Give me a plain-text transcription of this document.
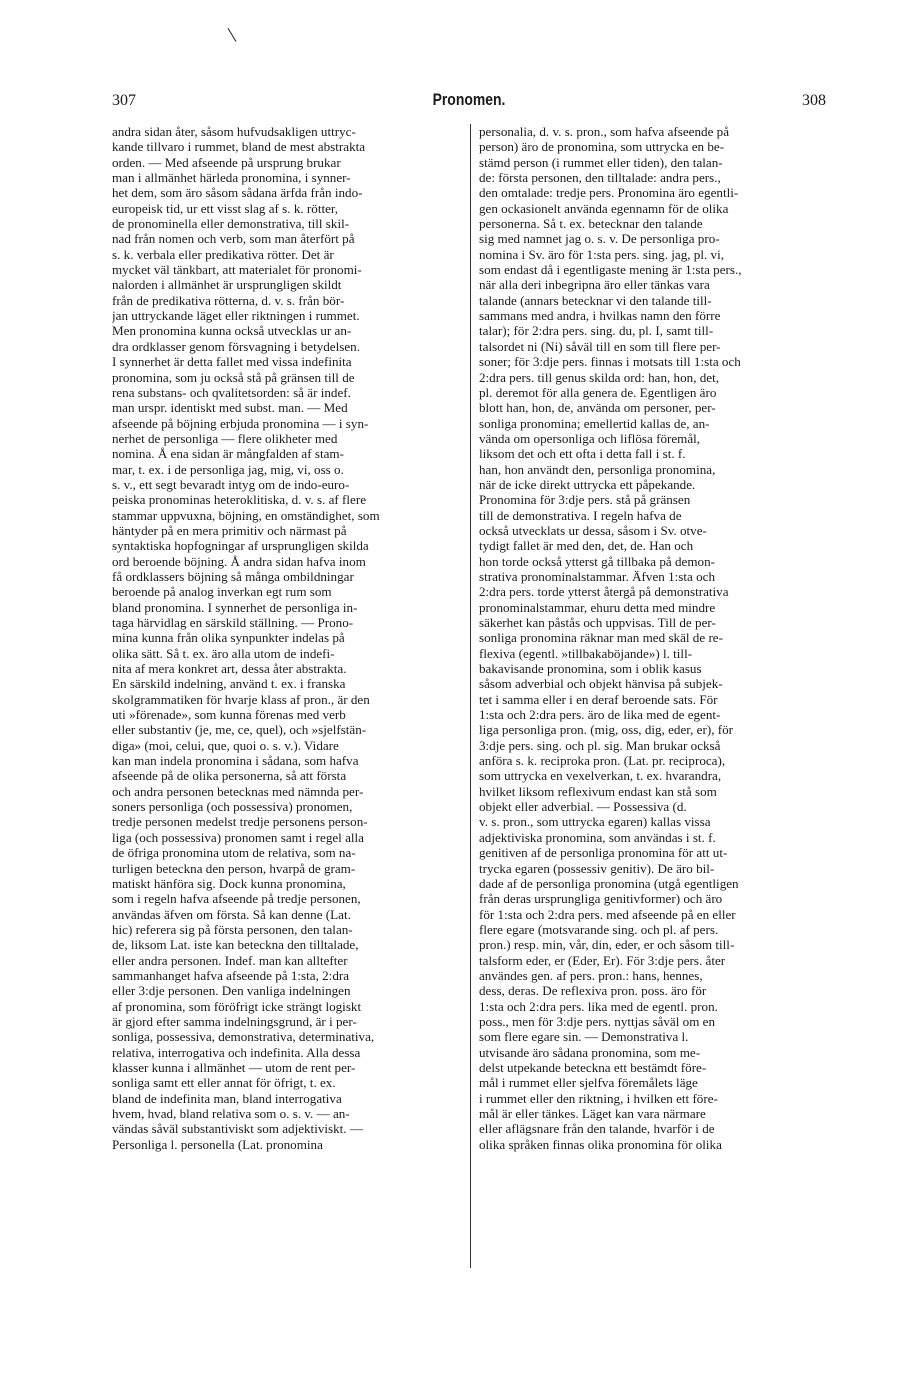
\
307	Pronomen.	308
andra sidan åter, såsom hufvudsakligen uttryc-
kande tillvaro i rummet, bland de mest abstrakta
orden. — Med afseende på ursprung brukar
man i allmänhet härleda pronomina, i synner-
het dem, som äro såsom sådana ärfda från indo-
europeisk tid, ur ett visst slag af s. k. rötter,
de pronominella eller demonstrativa, till skil-
nad från nomen och verb, som man återfört på
s. k. verbala eller predikativa rötter. Det är
mycket väl tänkbart, att materialet för pronomi-
nalorden i allmänhet är ursprungligen skildt
från de predikativa rötterna, d. v. s. från bör-
jan uttryckande läget eller riktningen i rummet.
Men pronomina kunna också utvecklas ur an-
dra ordklasser genom försvagning i betydelsen.
I synnerhet är detta fallet med vissa indefinita
pronomina, som ju också stå på gränsen till de
rena substans- och qvalitetsorden: så är indef.
man urspr. identiskt med subst. man. — Med
afseende på böjning erbjuda pronomina — i syn-
nerhet de personliga — flere olikheter med
nomina. Å ena sidan är mångfalden af stam-
mar, t. ex. i de personliga jag, mig, vi, oss o.
s. v., ett segt bevaradt intyg om de indo-euro-
peiska pronominas heteroklitiska, d. v. s. af flere
stammar uppvuxna, böjning, en omständighet, som
häntyder på en mera primitiv och närmast på
syntaktiska hopfogningar af ursprungligen skilda
ord beroende böjning. Å andra sidan hafva inom
få ordklassers böjning så många ombildningar
beroende på analog inverkan egt rum som
bland pronomina. I synnerhet de personliga in-
taga härvidlag en särskild ställning. — Prono-
mina kunna från olika synpunkter indelas på
olika sätt. Så t. ex. äro alla utom de indefi-
nita af mera konkret art, dessa åter abstrakta.
En särskild indelning, använd t. ex. i franska
skolgrammatiken för hvarje klass af pron., är den
uti »förenade», som kunna förenas med verb
eller substantiv (je, me, ce, quel), och »sjelfstän-
diga» (moi, celui, que, quoi o. s. v.). Vidare
kan man indela pronomina i sådana, som hafva
afseende på de olika personerna, så att första
och andra personen betecknas med nämnda per-
soners personliga (och possessiva) pronomen,
tredje personen medelst tredje personens person-
liga (och possessiva) pronomen samt i regel alla
de öfriga pronomina utom de relativa, som na-
turligen beteckna den person, hvarpå de gram-
matiskt hänföra sig. Dock kunna pronomina,
som i regeln hafva afseende på tredje personen,
användas äfven om första. Så kan denne (Lat.
hic) referera sig på första personen, den talan-
de, liksom Lat. iste kan beteckna den tilltalade,
eller andra personen. Indef. man kan alltefter
sammanhanget hafva afseende på 1:sta, 2:dra
eller 3:dje personen. Den vanliga indelningen
af pronomina, som föröfrigt icke strängt logiskt
är gjord efter samma indelningsgrund, är i per-
sonliga, possessiva, demonstrativa, determinativa,
relativa, interrogativa och indefinita. Alla dessa
klasser kunna i allmänhet — utom de rent per-
sonliga samt ett eller annat för öfrigt, t. ex.
bland de indefinita man, bland interrogativa
hvem, hvad, bland relativa som o. s. v. — an-
vändas såväl substantiviskt som adjektiviskt. —
Personliga l. personella (Lat. pronomina
personalia, d. v. s. pron., som hafva afseende på
person) äro de pronomina, som uttrycka en be-
stämd person (i rummet eller tiden), den talan-
de: första personen, den tilltalade: andra pers.,
den omtalade: tredje pers. Pronomina äro egentli-
gen ockasionelt använda egennamn för de olika
personerna. Så t. ex. betecknar den talande
sig med namnet jag o. s. v. De personliga pro-
nomina i Sv. äro för 1:sta pers. sing. jag, pl. vi,
som endast då i egentligaste mening är 1:sta pers.,
när alla deri inbegripna äro eller tänkas vara
talande (annars betecknar vi den talande till-
sammans med andra, i hvilkas namn den förre
talar); för 2:dra pers. sing. du, pl. I, samt till-
talsordet ni (Ni) såväl till en som till flere per-
soner; för 3:dje pers. finnas i motsats till 1:sta och
2:dra pers. till genus skilda ord: han, hon, det,
pl. deremot för alla genera de. Egentligen äro
blott han, hon, de, använda om personer, per-
sonliga pronomina; emellertid kallas de, an-
vända om opersonliga och liflösa föremål,
liksom det och ett ofta i detta fall i st. f.
han, hon användt den, personliga pronomina,
när de icke direkt uttrycka ett påpekande.
Pronomina för 3:dje pers. stå på gränsen
till de demonstrativa. I regeln hafva de
också utvecklats ur dessa, såsom i Sv. otve-
tydigt fallet är med den, det, de. Han och
hon torde också ytterst gå tillbaka på demon-
strativa pronominalstammar. Äfven 1:sta och
2:dra pers. torde ytterst återgå på demonstrativa
pronominalstammar, ehuru detta med mindre
säkerhet kan påstås och uppvisas. Till de per-
sonliga pronomina räknar man med skäl de re-
flexiva (egentl. »tillbakaböjande») l. till-
bakavisande pronomina, som i oblik kasus
såsom adverbial och objekt hänvisa på subjek-
tet i samma eller i en deraf beroende sats. För
1:sta och 2:dra pers. äro de lika med de egent-
liga personliga pron. (mig, oss, dig, eder, er), för
3:dje pers. sing. och pl. sig. Man brukar också
anföra s. k. reciproka pron. (Lat. pr. reciproca),
som uttrycka en vexelverkan, t. ex. hvarandra,
hvilket liksom reflexivum endast kan stå som
objekt eller adverbial. — Possessiva (d.
v. s. pron., som uttrycka egaren) kallas vissa
adjektiviska pronomina, som användas i st. f.
genitiven af de personliga pronomina för att ut-
trycka egaren (possessiv genitiv). De äro bil-
dade af de personliga pronomina (utgå egentligen
från deras ursprungliga genitivformer) och äro
för 1:sta och 2:dra pers. med afseende på en eller
flere egare (motsvarande sing. och pl. af pers.
pron.) resp. min, vår, din, eder, er och såsom till-
talsform eder, er (Eder, Er). För 3:dje pers. åter
användes gen. af pers. pron.: hans, hennes,
dess, deras. De reflexiva pron. poss. äro för
1:sta och 2:dra pers. lika med de egentl. pron.
poss., men för 3:dje pers. nyttjas såväl om en
som flere egare sin. — Demonstrativa l.
utvisande äro sådana pronomina, som me-
delst utpekande beteckna ett bestämdt före-
mål i rummet eller sjelfva föremålets läge
i rummet eller den riktning, i hvilken ett före-
mål är eller tänkes. Läget kan vara närmare
eller aflägsnare från den talande, hvarför i de
olika språken finnas olika pronomina för olika
